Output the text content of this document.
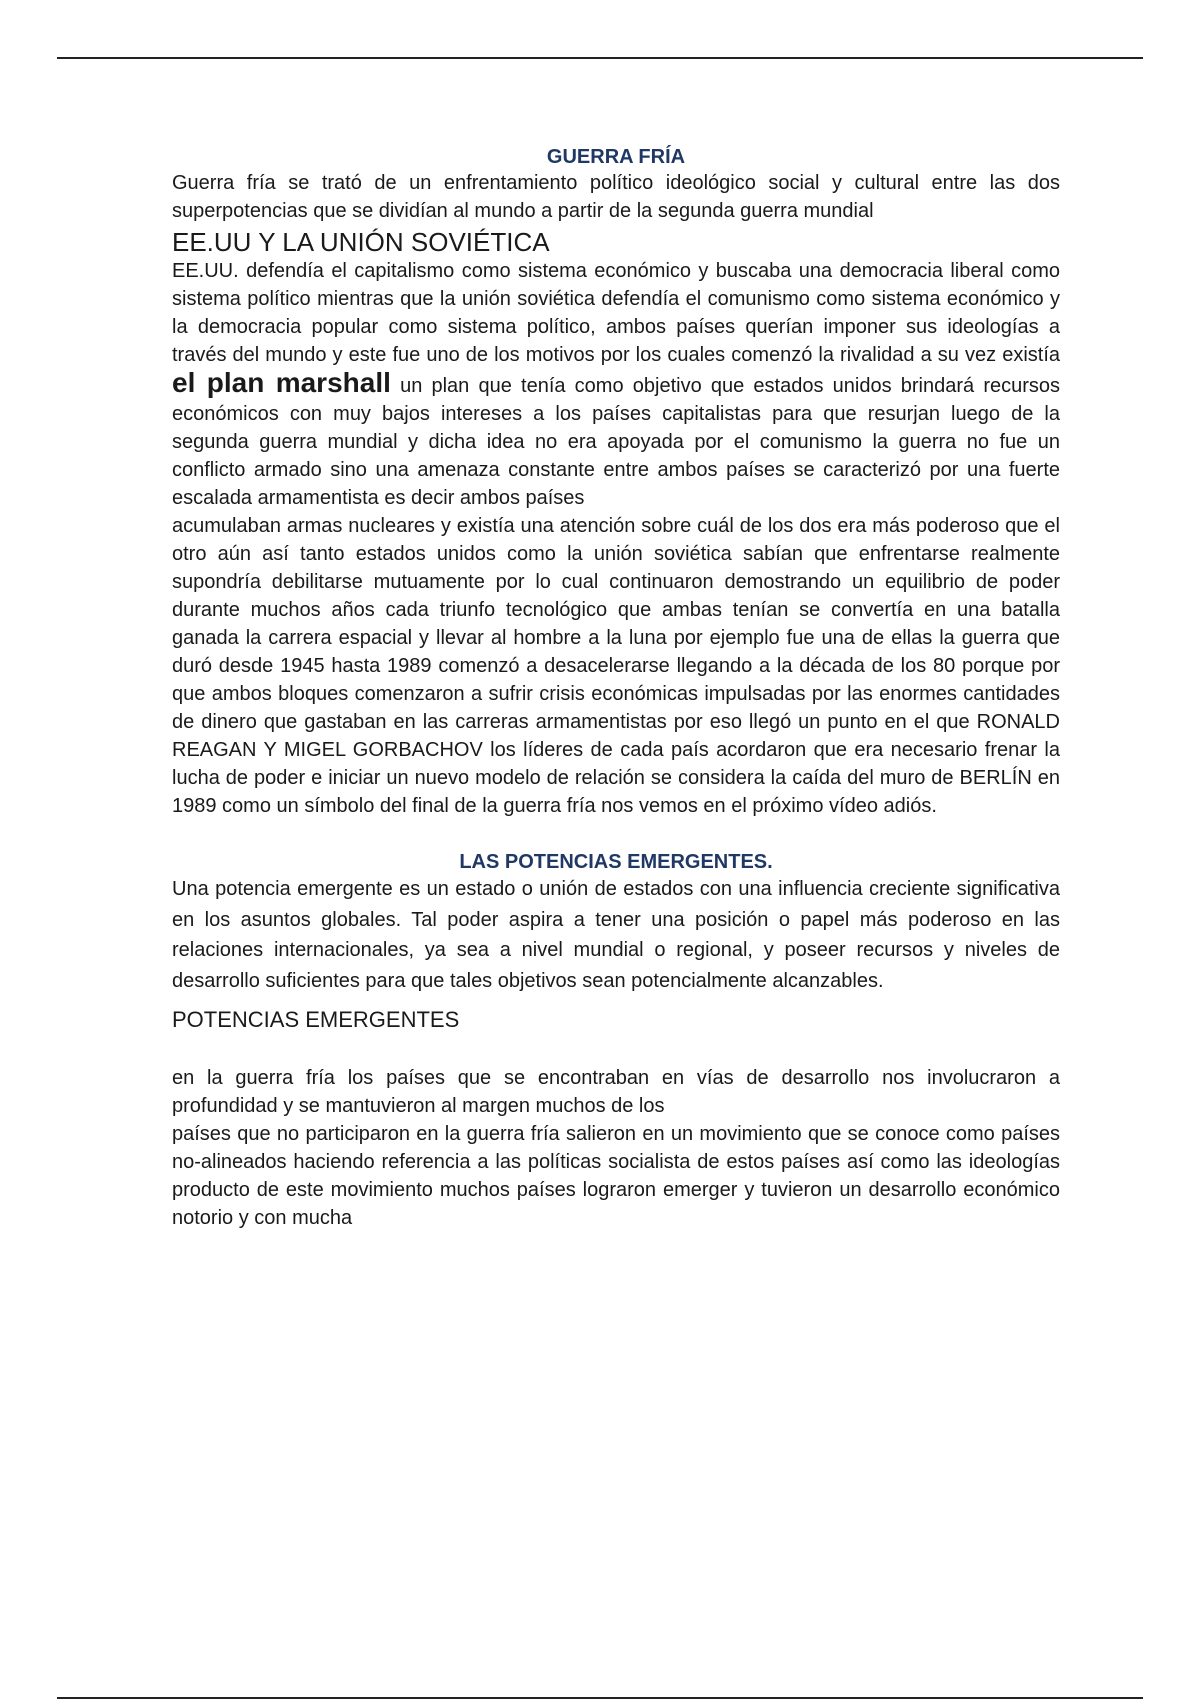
GUERRA FRÍA

Guerra fría se trató de un enfrentamiento político ideológico social y cultural entre las dos superpotencias que se dividían al mundo a partir de la segunda guerra mundial

EE.UU Y LA UNIÓN SOVIÉTICA

EE.UU. defendía el capitalismo como sistema económico y buscaba una democracia liberal como sistema político mientras que la unión soviética defendía el comunismo como sistema económico y la democracia popular como sistema político, ambos países querían imponer sus ideologías a través del mundo y este fue uno de los motivos por los cuales comenzó la rivalidad a su vez existía el plan marshall un plan que tenía como objetivo que estados unidos brindará recursos económicos con muy bajos intereses a los países capitalistas para que resurjan luego de la segunda guerra mundial y dicha idea no era apoyada por el comunismo la guerra no fue un conflicto armado sino una amenaza constante entre ambos países se caracterizó por una fuerte escalada armamentista es decir ambos países

acumulaban armas nucleares y existía una atención sobre cuál de los dos era más poderoso que el otro aún así tanto estados unidos como la unión soviética sabían que enfrentarse realmente supondría debilitarse mutuamente por lo cual continuaron demostrando un equilibrio de poder durante muchos años cada triunfo tecnológico que ambas tenían se convertía en una batalla ganada la carrera espacial y llevar al hombre a la luna por ejemplo fue una de ellas la guerra que duró desde 1945 hasta 1989 comenzó a desacelerarse llegando a la década de los 80 porque por que ambos bloques comenzaron a sufrir crisis económicas impulsadas por las enormes cantidades de dinero que gastaban en las carreras armamentistas por eso llegó un punto en el que RONALD REAGAN Y MIGEL GORBACHOV los líderes de cada país acordaron que era necesario frenar la lucha de poder e iniciar un nuevo modelo de relación se considera la caída del muro de BERLÍN en 1989 como un símbolo del final de la guerra fría nos vemos en el próximo vídeo adiós.

LAS POTENCIAS EMERGENTES.

Una potencia emergente es un estado o unión de estados con una influencia creciente significativa en los asuntos globales. Tal poder aspira a tener una posición o papel más poderoso en las relaciones internacionales, ya sea a nivel mundial o regional, y poseer recursos y niveles de desarrollo suficientes para que tales objetivos sean potencialmente alcanzables.

POTENCIAS EMERGENTES

en la guerra fría los países que se encontraban en vías de desarrollo nos involucraron a profundidad y se mantuvieron al margen muchos de los

países que no participaron en la guerra fría salieron en un movimiento que se conoce como países no-alineados haciendo referencia a las políticas socialista de estos países así como las ideologías producto de este movimiento muchos países lograron emerger y tuvieron un desarrollo económico notorio y con mucha
